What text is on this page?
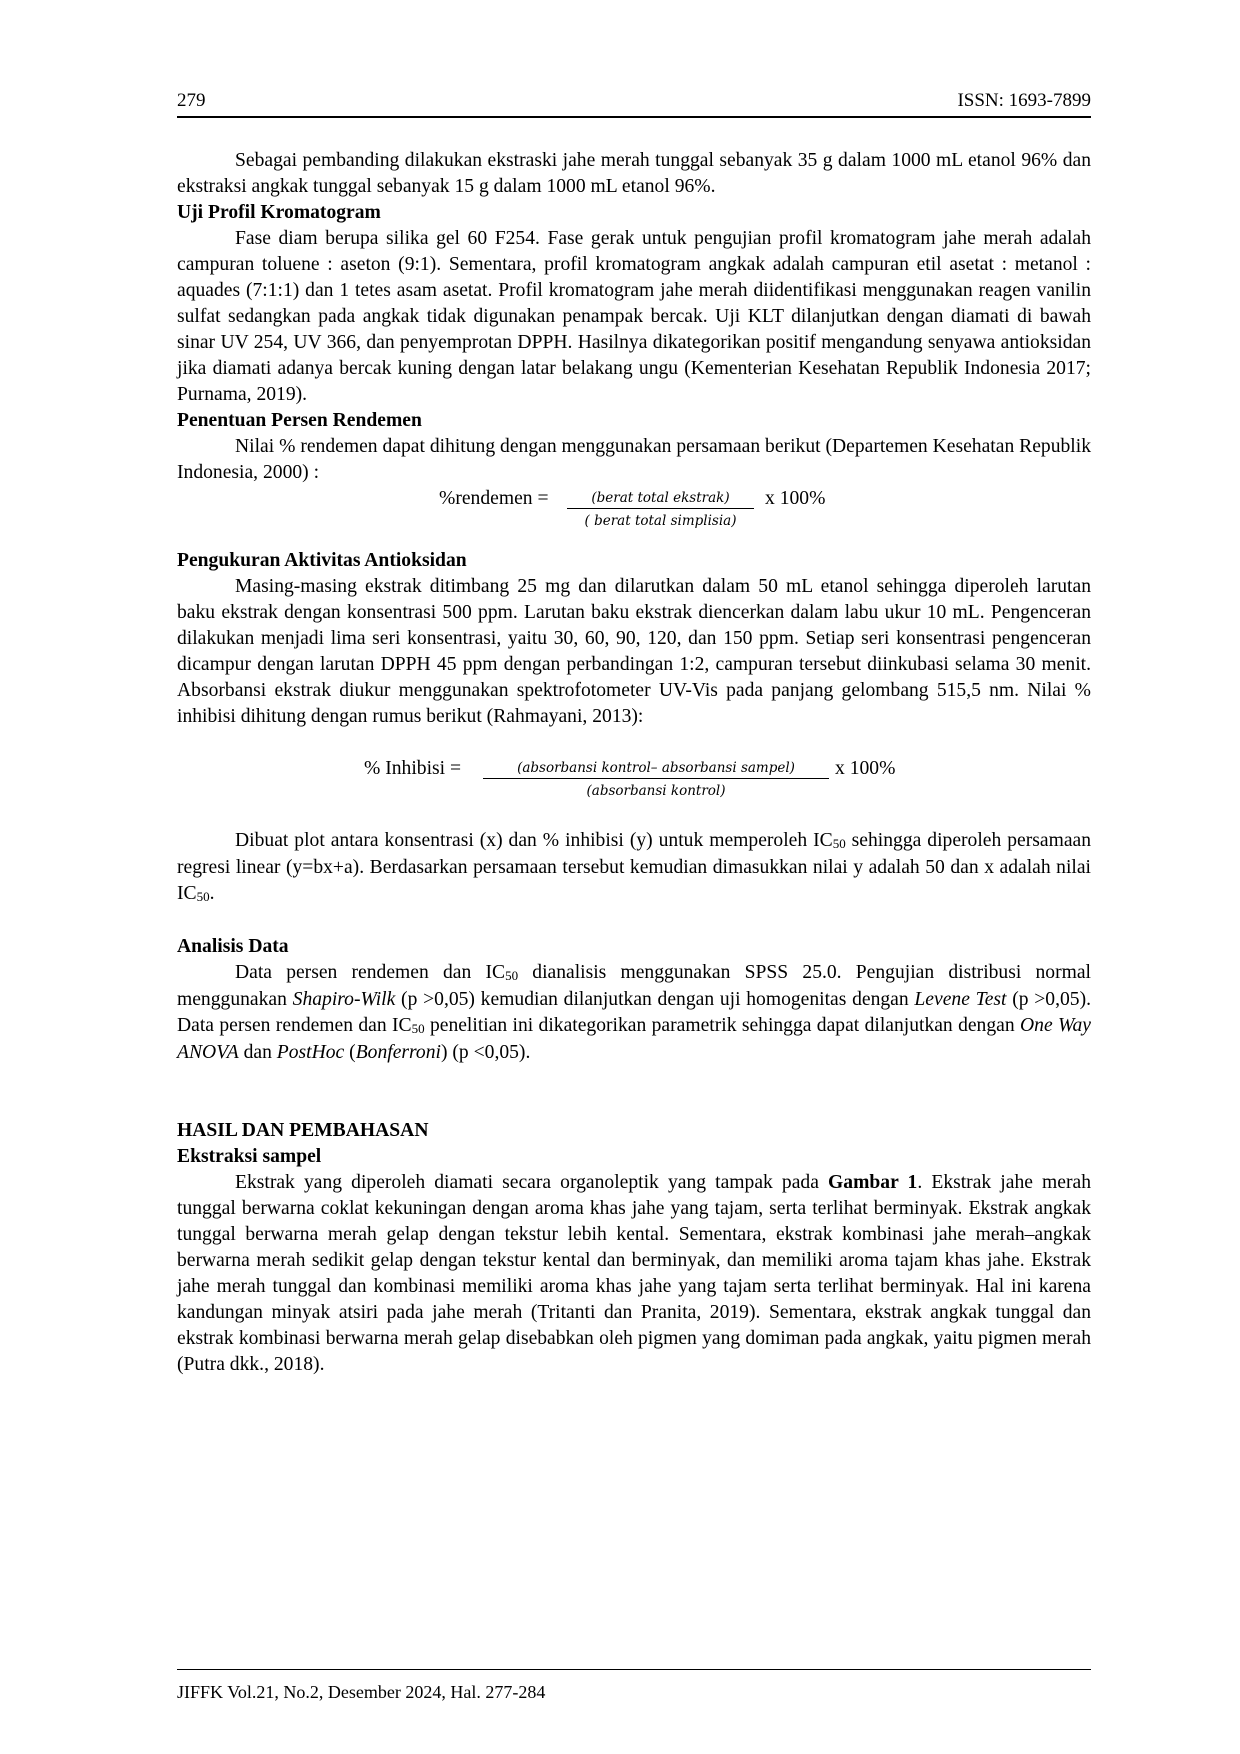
279	ISSN: 1693-7899

Sebagai pembanding dilakukan ekstraski jahe merah tunggal sebanyak 35 g dalam 1000 mL etanol 96% dan ekstraksi angkak tunggal sebanyak 15 g dalam 1000 mL etanol 96%.

Uji Profil Kromatogram

Fase diam berupa silika gel 60 F254. Fase gerak untuk pengujian profil kromatogram jahe merah adalah campuran toluene : aseton (9:1). Sementara, profil kromatogram angkak adalah campuran etil asetat : metanol : aquades (7:1:1) dan 1 tetes asam asetat. Profil kromatogram jahe merah diidentifikasi menggunakan reagen vanilin sulfat sedangkan pada angkak tidak digunakan penampak bercak. Uji KLT dilanjutkan dengan diamati di bawah sinar UV 254, UV 366, dan penyemprotan DPPH. Hasilnya dikategorikan positif mengandung senyawa antioksidan jika diamati adanya bercak kuning dengan latar belakang ungu (Kementerian Kesehatan Republik Indonesia 2017; Purnama, 2019).

Penentuan Persen Rendemen

Nilai % rendemen dapat dihitung dengan menggunakan persamaan berikut (Departemen Kesehatan Republik Indonesia, 2000) :

%rendemen =	(berat total ekstrak)
( berat total simplisia)
x 100%
Pengukuran Aktivitas Antioksidan

Masing-masing ekstrak ditimbang 25 mg dan dilarutkan dalam 50 mL etanol sehingga diperoleh larutan baku ekstrak dengan konsentrasi 500 ppm. Larutan baku ekstrak diencerkan dalam labu ukur 10 mL. Pengenceran dilakukan menjadi lima seri konsentrasi, yaitu 30, 60, 90, 120, dan 150 ppm. Setiap seri konsentrasi pengenceran dicampur dengan larutan DPPH 45 ppm dengan perbandingan 1:2, campuran tersebut diinkubasi selama 30 menit. Absorbansi ekstrak diukur menggunakan spektrofotometer UV-Vis pada panjang gelombang 515,5 nm. Nilai % inhibisi dihitung dengan rumus berikut (Rahmayani, 2013):

% Inhibisi =	(absorbansi kontrol– absorbansi sampel)
(absorbansi kontrol)
x 100%

Dibuat plot antara konsentrasi (x) dan % inhibisi (y) untuk memperoleh $IC_{50}$ sehingga diperoleh persamaan regresi linear (y=bx+a). Berdasarkan persamaan tersebut kemudian dimasukkan nilai y adalah 50 dan x adalah nilai $IC_{50}$.

Analisis Data

Data persen rendemen dan $IC_{50}$ dianalisis menggunakan SPSS 25.0. Pengujian distribusi normal menggunakan Shapiro-Wilk (p >0,05) kemudian dilanjutkan dengan uji homogenitas dengan Levene Test (p >0,05). Data persen rendemen dan $IC_{50}$ penelitian ini dikategorikan parametrik sehingga dapat dilanjutkan dengan One Way ANOVA dan PostHoc (Bonferroni) (p <0,05).

HASIL DAN PEMBAHASAN
Ekstraksi sampel

Ekstrak yang diperoleh diamati secara organoleptik yang tampak pada Gambar 1. Ekstrak jahe merah tunggal berwarna coklat kekuningan dengan aroma khas jahe yang tajam, serta terlihat berminyak. Ekstrak angkak tunggal berwarna merah gelap dengan tekstur lebih kental. Sementara, ekstrak kombinasi jahe merah–angkak berwarna merah sedikit gelap dengan tekstur kental dan berminyak, dan memiliki aroma tajam khas jahe. Ekstrak jahe merah tunggal dan kombinasi memiliki aroma khas jahe yang tajam serta terlihat berminyak. Hal ini karena kandungan minyak atsiri pada jahe merah (Tritanti dan Pranita, 2019). Sementara, ekstrak angkak tunggal dan ekstrak kombinasi berwarna merah gelap disebabkan oleh pigmen yang domiman pada angkak, yaitu pigmen merah (Putra dkk., 2018).

JIFFK Vol.21, No.2, Desember 2024, Hal. 277-284
